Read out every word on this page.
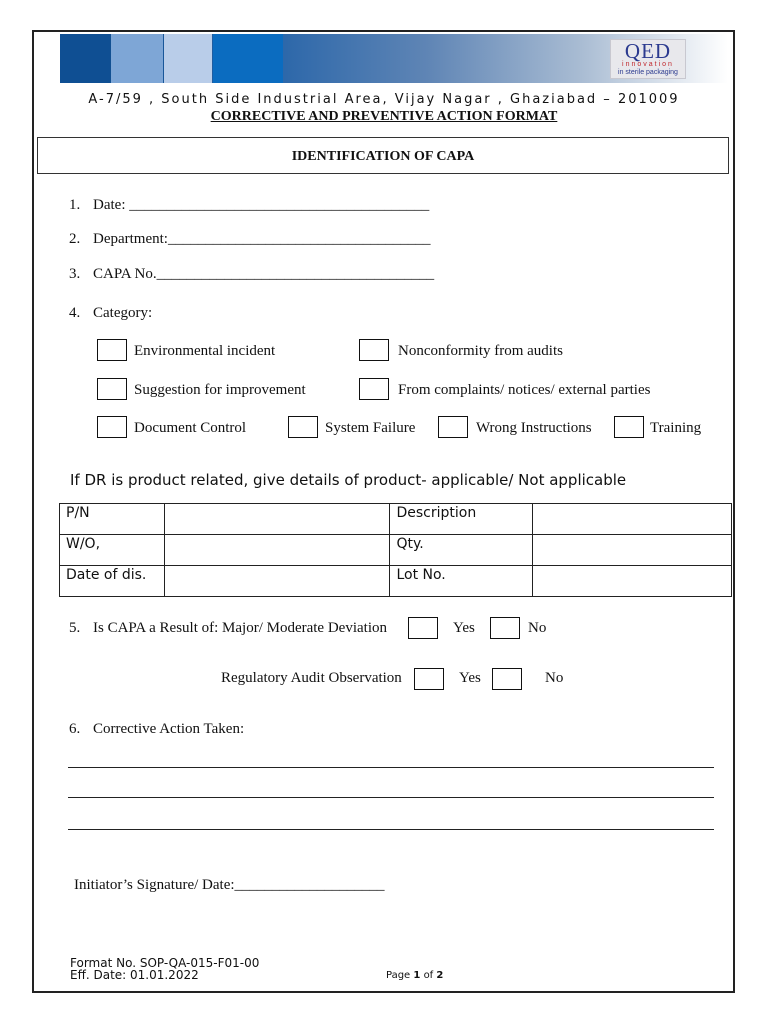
QED
innovation
in sterile packaging
A-7/59 , South Side Industrial Area, Vijay Nagar , Ghaziabad – 201009
CORRECTIVE AND PREVENTIVE ACTION FORMAT
IDENTIFICATION OF CAPA
1. Date: ________________________________________
2. Department:___________________________________
3. CAPA No._____________________________________
4. Category:
Environmental incident	Nonconformity from audits
Suggestion for improvement	From complaints/ notices/ external parties
Document Control	System Failure	Wrong Instructions	Training
If DR is product related, give details of product- applicable/ Not applicable
P/N		Description	
W/O,		Qty.	
Date of dis.		Lot No.	
5. Is CAPA a Result of: Major/ Moderate Deviation	Yes	No
Regulatory Audit Observation	Yes	No
6. Corrective Action Taken:
Initiator’s Signature/ Date:____________________
Format No. SOP-QA-015-F01-00
Eff. Date: 01.01.2022	Page 1 of 2
